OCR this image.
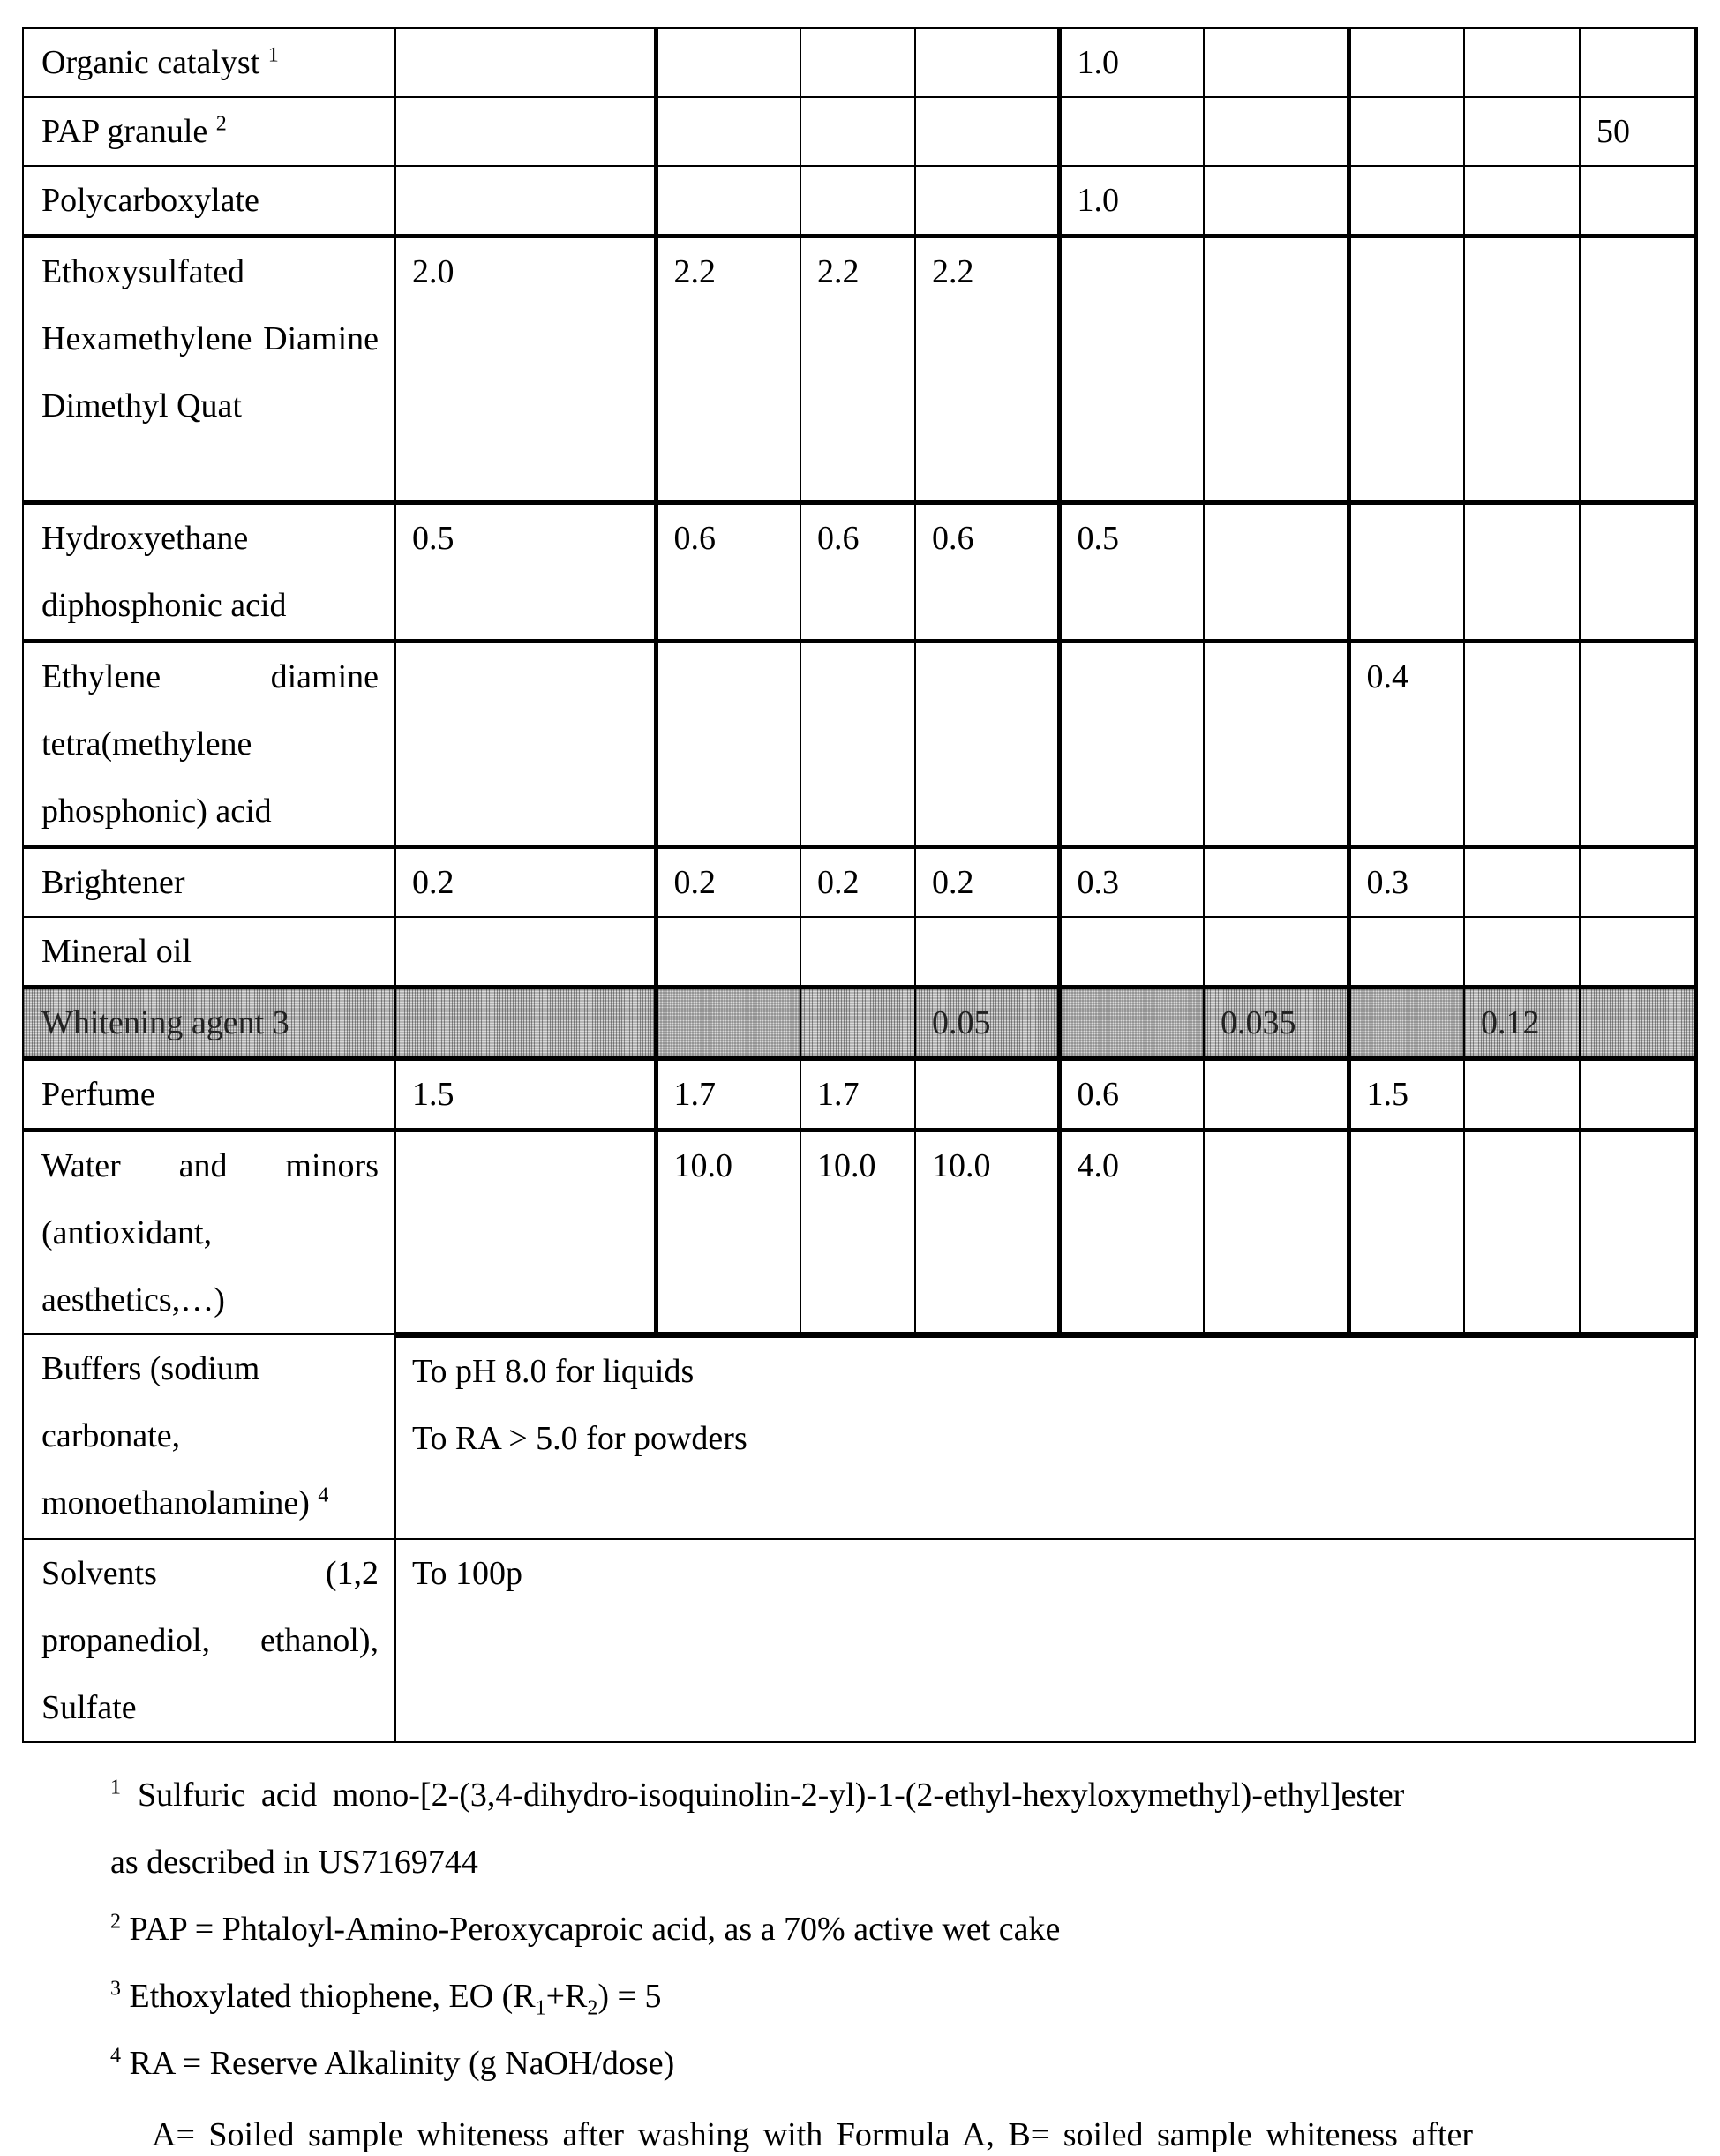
Organic catalyst $^1$					1.0				
PAP granule $^2$									50
Polycarboxylate					1.0				
Ethoxysulfated Hexamethylene Diamine Dimethyl Quat	2.0	2.2	2.2	2.2					
Hydroxyethane diphosphonic acid	0.5	0.6	0.6	0.6	0.5				
Ethylene diamine tetra(methylene phosphonic) acid							0.4		
Brightener	0.2	0.2	0.2	0.2	0.3		0.3		
Mineral oil									
Whitening agent 3				0.05		0.035		0.12	
Perfume	1.5	1.7	1.7		0.6		1.5		
Water and minors (antioxidant, aesthetics,…)		10.0	10.0	10.0	4.0				
Buffers (sodium carbonate, monoethanolamine) $^4$	To pH 8.0 for liquids
To RA > 5.0 for powders								

Solvents (1,2 propanediol, ethanol), Sulfate	To 100p								
$^1$ Sulfuric acid mono-[2-(3,4-dihydro-isoquinolin-2-yl)-1-(2-ethyl-hexyloxymethyl)-ethyl]ester
as described in US7169744
$^2$ PAP = Phtaloyl-Amino-Peroxycaproic acid, as a 70% active wet cake
$^3$ Ethoxylated thiophene, EO $(R_1+R_2) = 5$
$^4$ RA = Reserve Alkalinity (g NaOH/dose)
A= Soiled sample whiteness after washing with Formula A, B= soiled sample whiteness after
